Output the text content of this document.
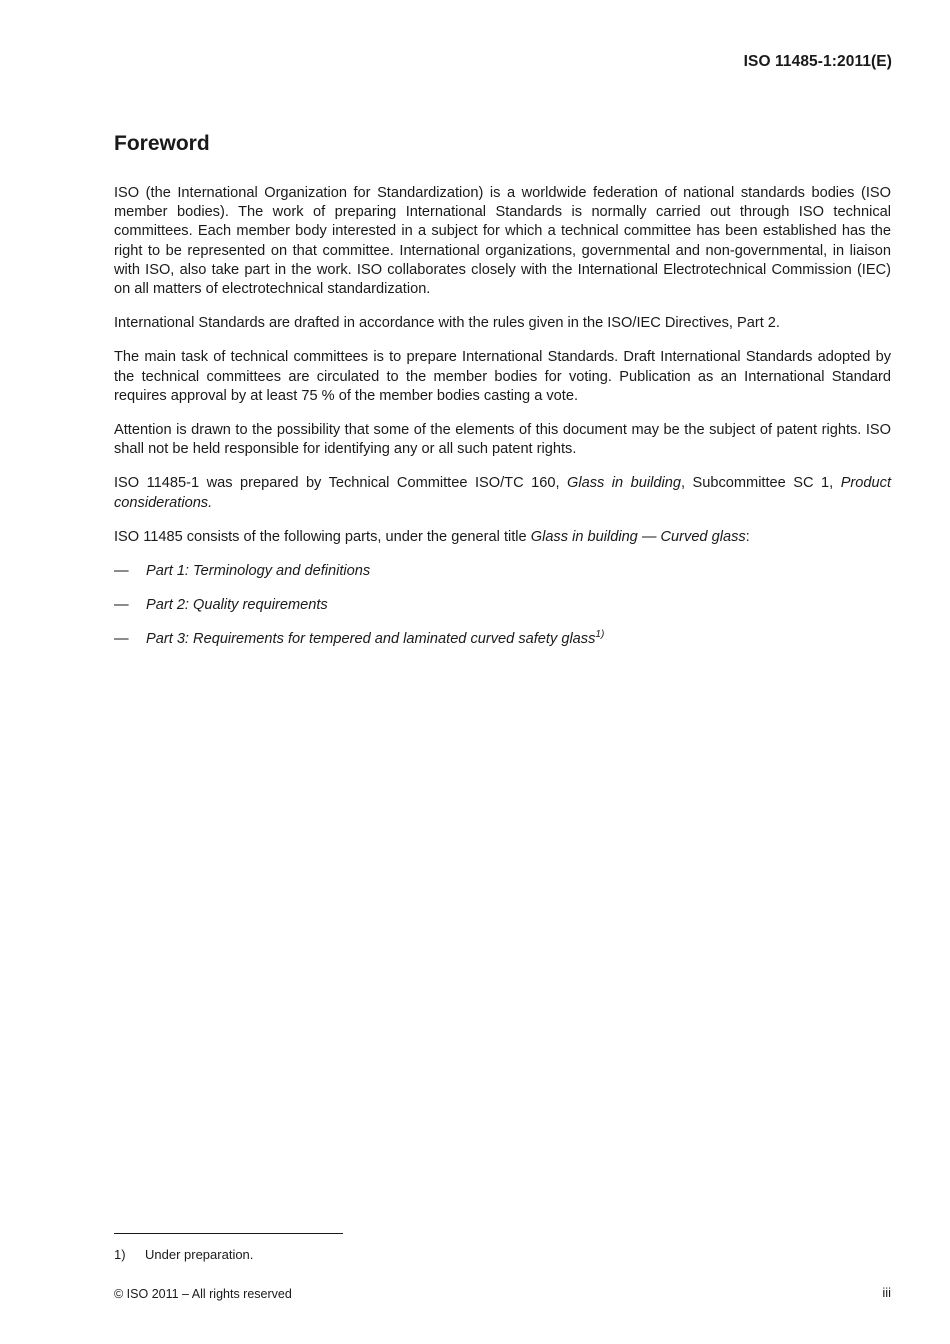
ISO 11485-1:2011(E)
Foreword

ISO (the International Organization for Standardization) is a worldwide federation of national standards bodies (ISO member bodies). The work of preparing International Standards is normally carried out through ISO technical committees. Each member body interested in a subject for which a technical committee has been established has the right to be represented on that committee. International organizations, governmental and non-governmental, in liaison with ISO, also take part in the work. ISO collaborates closely with the International Electrotechnical Commission (IEC) on all matters of electrotechnical standardization.

International Standards are drafted in accordance with the rules given in the ISO/IEC Directives, Part 2.

The main task of technical committees is to prepare International Standards. Draft International Standards adopted by the technical committees are circulated to the member bodies for voting. Publication as an International Standard requires approval by at least 75 % of the member bodies casting a vote.

Attention is drawn to the possibility that some of the elements of this document may be the subject of patent rights. ISO shall not be held responsible for identifying any or all such patent rights.

ISO 11485-1 was prepared by Technical Committee ISO/TC 160, Glass in building, Subcommittee SC 1, Product considerations.

ISO 11485 consists of the following parts, under the general title Glass in building — Curved glass:

— Part 1: Terminology and definitions
— Part 2: Quality requirements
— Part 3: Requirements for tempered and laminated curved safety glass$^{1)}$
1) Under preparation.
© ISO 2011 – All rights reserved	iii
